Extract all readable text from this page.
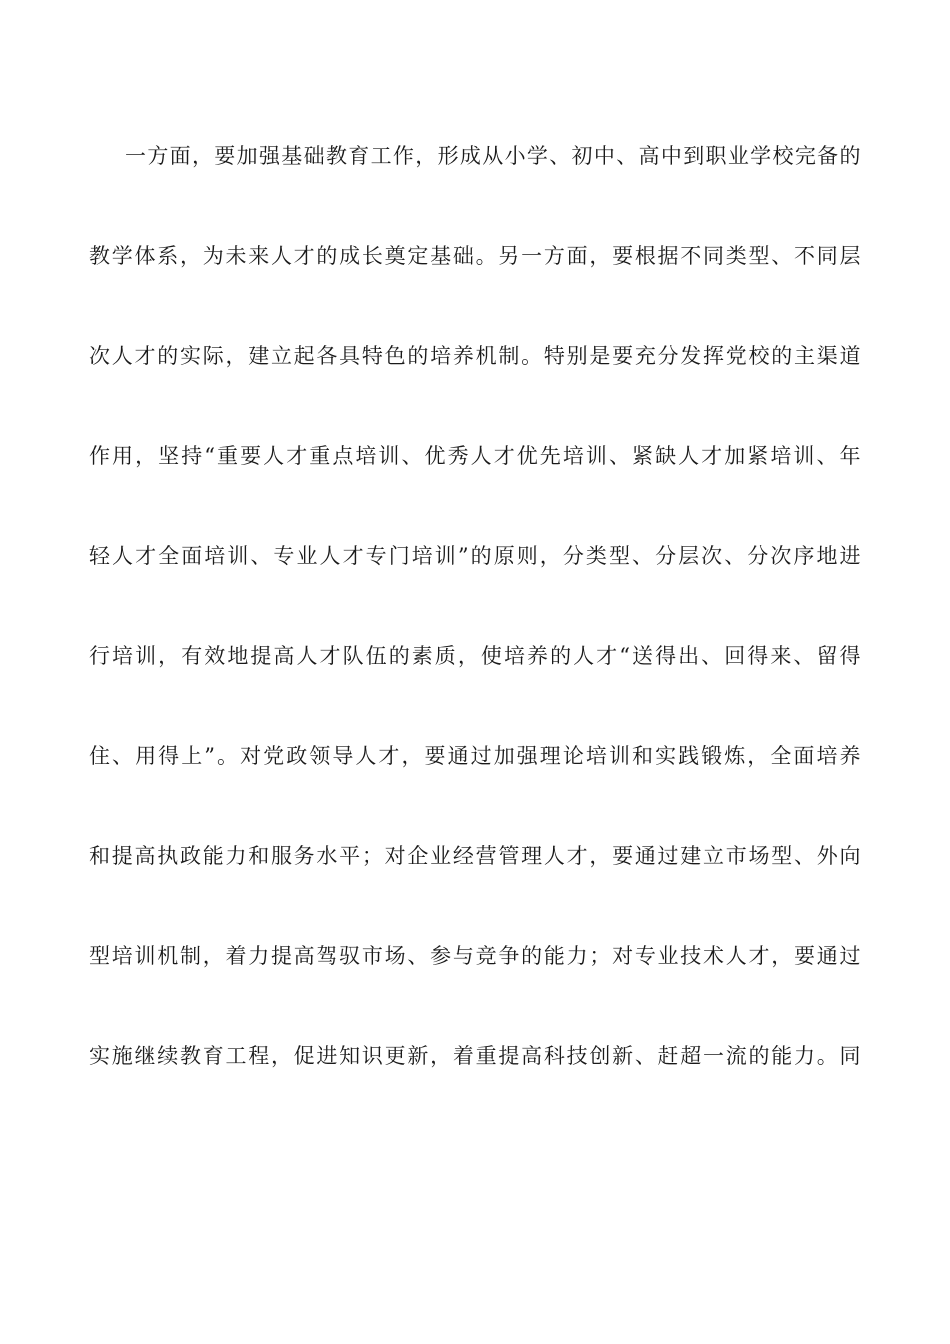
一方面，要加强基础教育工作，形成从小学、初中、高中到职业学校完备的
教学体系，为未来人才的成长奠定基础。另一方面，要根据不同类型、不同层
次人才的实际，建立起各具特色的培养机制。特别是要充分发挥党校的主渠道
作用，坚持“重要人才重点培训、优秀人才优先培训、紧缺人才加紧培训、年
轻人才全面培训、专业人才专门培训”的原则，分类型、分层次、分次序地进
行培训，有效地提高人才队伍的素质，使培养的人才“送得出、回得来、留得
住、用得上”。对党政领导人才，要通过加强理论培训和实践锻炼，全面培养
和提高执政能力和服务水平；对企业经营管理人才，要通过建立市场型、外向
型培训机制，着力提高驾驭市场、参与竞争的能力；对专业技术人才，要通过
实施继续教育工程，促进知识更新，着重提高科技创新、赶超一流的能力。同
